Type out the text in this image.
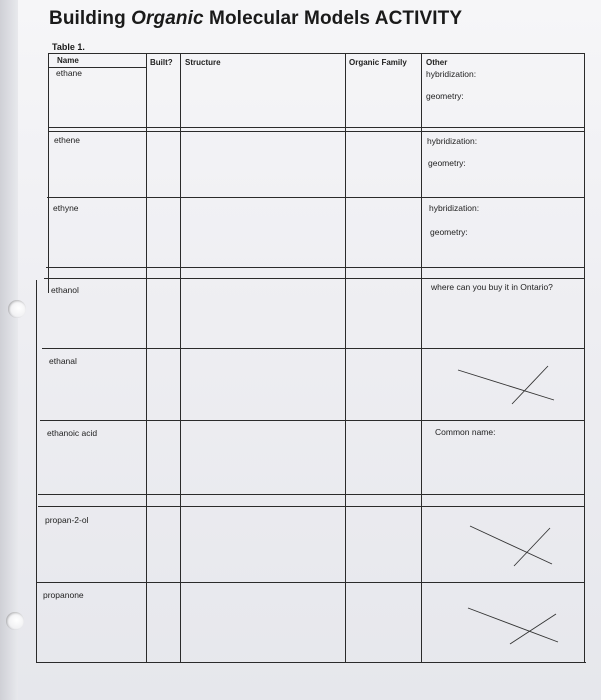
Building Organic Molecular Models ACTIVITY
Table 1.
Name	Built? Structure	Organic Family Other
ethane
ethene
ethyne
ethanol
ethanal
ethanoic acid
propan-2-ol
propanone
hybridization:
geometry:
hybridization:
geometry:
hybridization:
geometry:
where can you buy it in Ontario?
Common name:
